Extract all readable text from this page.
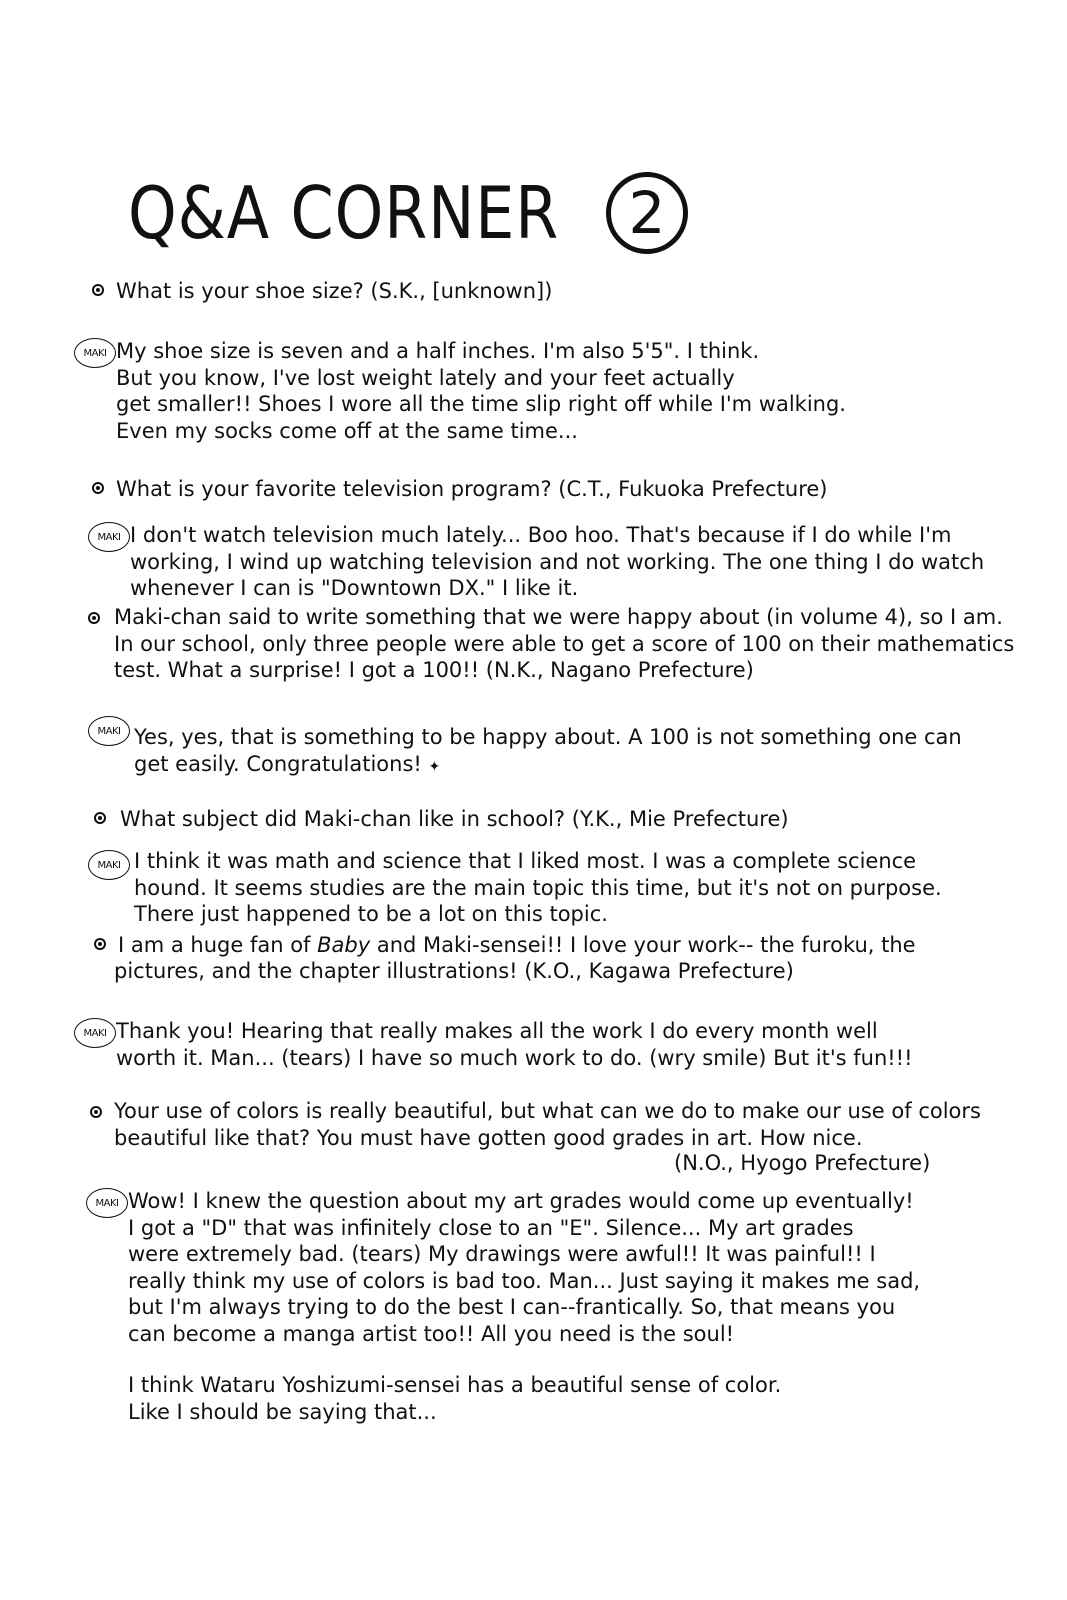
Q&A CORNER	2
What is your shoe size? (S.K., [unknown])
MAKI My shoe size is seven and a half inches. I'm also 5'5". I think.
But you know, I've lost weight lately and your feet actually
get smaller!! Shoes I wore all the time slip right off while I'm walking.
Even my socks come off at the same time...
What is your favorite television program? (C.T., Fukuoka Prefecture)
MAKI I don't watch television much lately... Boo hoo. That's because if I do while I'm
working, I wind up watching television and not working. The one thing I do watch
whenever I can is "Downtown DX." I like it.
Maki-chan said to write something that we were happy about (in volume 4), so I am.
In our school, only three people were able to get a score of 100 on their mathematics
test. What a surprise! I got a 100!! (N.K., Nagano Prefecture)
MAKI Yes, yes, that is something to be happy about. A 100 is not something one can
get easily. Congratulations! ✦
What subject did Maki-chan like in school? (Y.K., Mie Prefecture)
MAKI I think it was math and science that I liked most. I was a complete science
hound. It seems studies are the main topic this time, but it's not on purpose.
There just happened to be a lot on this topic.
I am a huge fan of Baby and Maki-sensei!! I love your work-- the furoku, the
pictures, and the chapter illustrations! (K.O., Kagawa Prefecture)
MAKI Thank you! Hearing that really makes all the work I do every month well
worth it. Man... (tears) I have so much work to do. (wry smile) But it's fun!!!
Your use of colors is really beautiful, but what can we do to make our use of colors
beautiful like that? You must have gotten good grades in art. How nice.
(N.O., Hyogo Prefecture)
MAKI Wow! I knew the question about my art grades would come up eventually!
I got a "D" that was infinitely close to an "E". Silence... My art grades
were extremely bad. (tears) My drawings were awful!! It was painful!! I
really think my use of colors is bad too. Man... Just saying it makes me sad,
but I'm always trying to do the best I can--frantically. So, that means you
can become a manga artist too!! All you need is the soul!
I think Wataru Yoshizumi-sensei has a beautiful sense of color.
Like I should be saying that...
